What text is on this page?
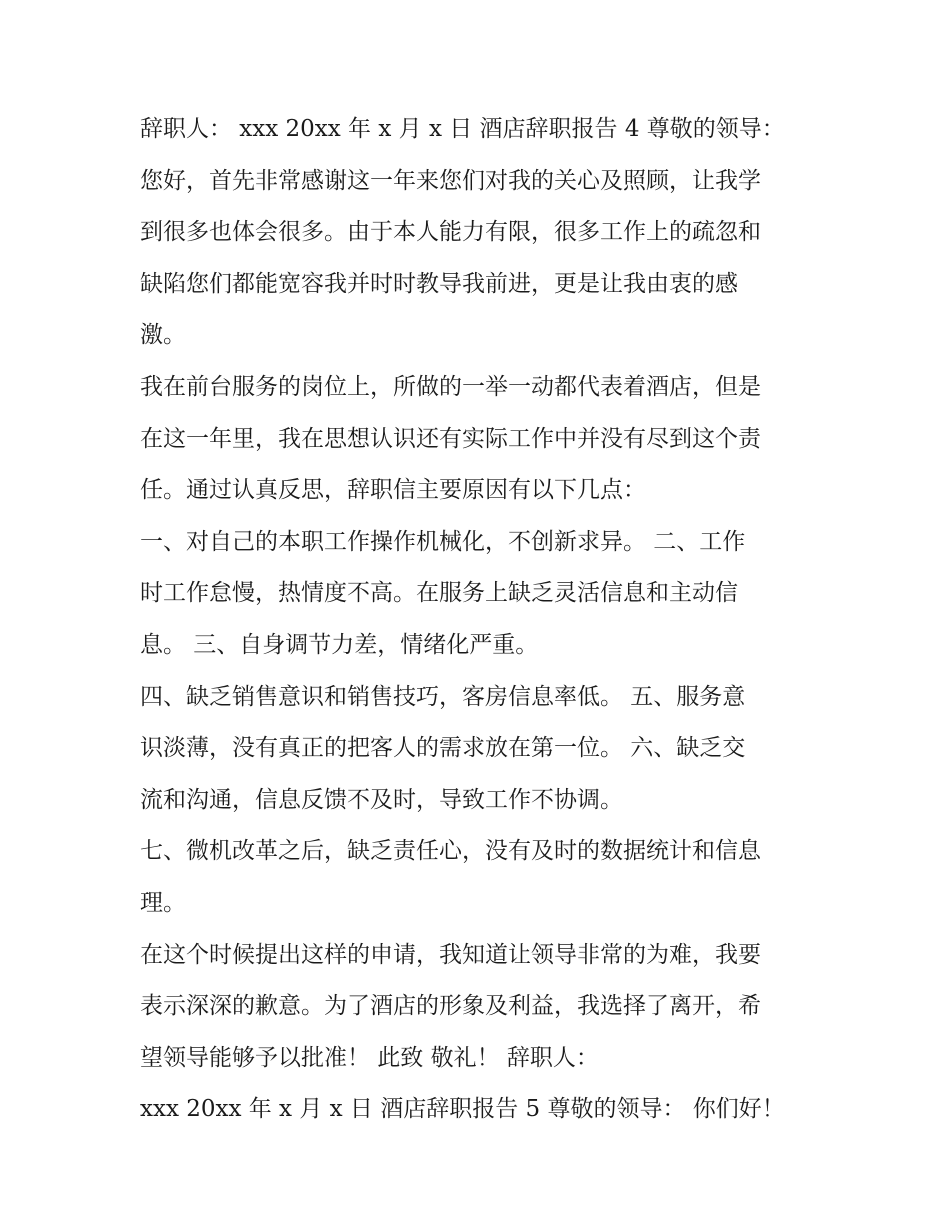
辞职人： xxx 20xx 年 x 月 x 日 酒店辞职报告 4 尊敬的领导：
您好，首先非常感谢这一年来您们对我的关心及照顾，让我学
到很多也体会很多。由于本人能力有限，很多工作上的疏忽和
缺陷您们都能宽容我并时时教导我前进，更是让我由衷的感
激。
我在前台服务的岗位上，所做的一举一动都代表着酒店，但是
在这一年里，我在思想认识还有实际工作中并没有尽到这个责
任。通过认真反思，辞职信主要原因有以下几点：
一、对自己的本职工作操作机械化，不创新求异。 二、工作
时工作怠慢，热情度不高。在服务上缺乏灵活信息和主动信
息。 三、自身调节力差，情绪化严重。
四、缺乏销售意识和销售技巧，客房信息率低。 五、服务意
识淡薄，没有真正的把客人的需求放在第一位。 六、缺乏交
流和沟通，信息反馈不及时，导致工作不协调。
七、微机改革之后，缺乏责任心，没有及时的数据统计和信息
理。
在这个时候提出这样的申请，我知道让领导非常的为难，我要
表示深深的歉意。为了酒店的形象及利益，我选择了离开，希
望领导能够予以批准！ 此致 敬礼！ 辞职人：
xxx 20xx 年 x 月 x 日 酒店辞职报告 5 尊敬的领导： 你们好！
